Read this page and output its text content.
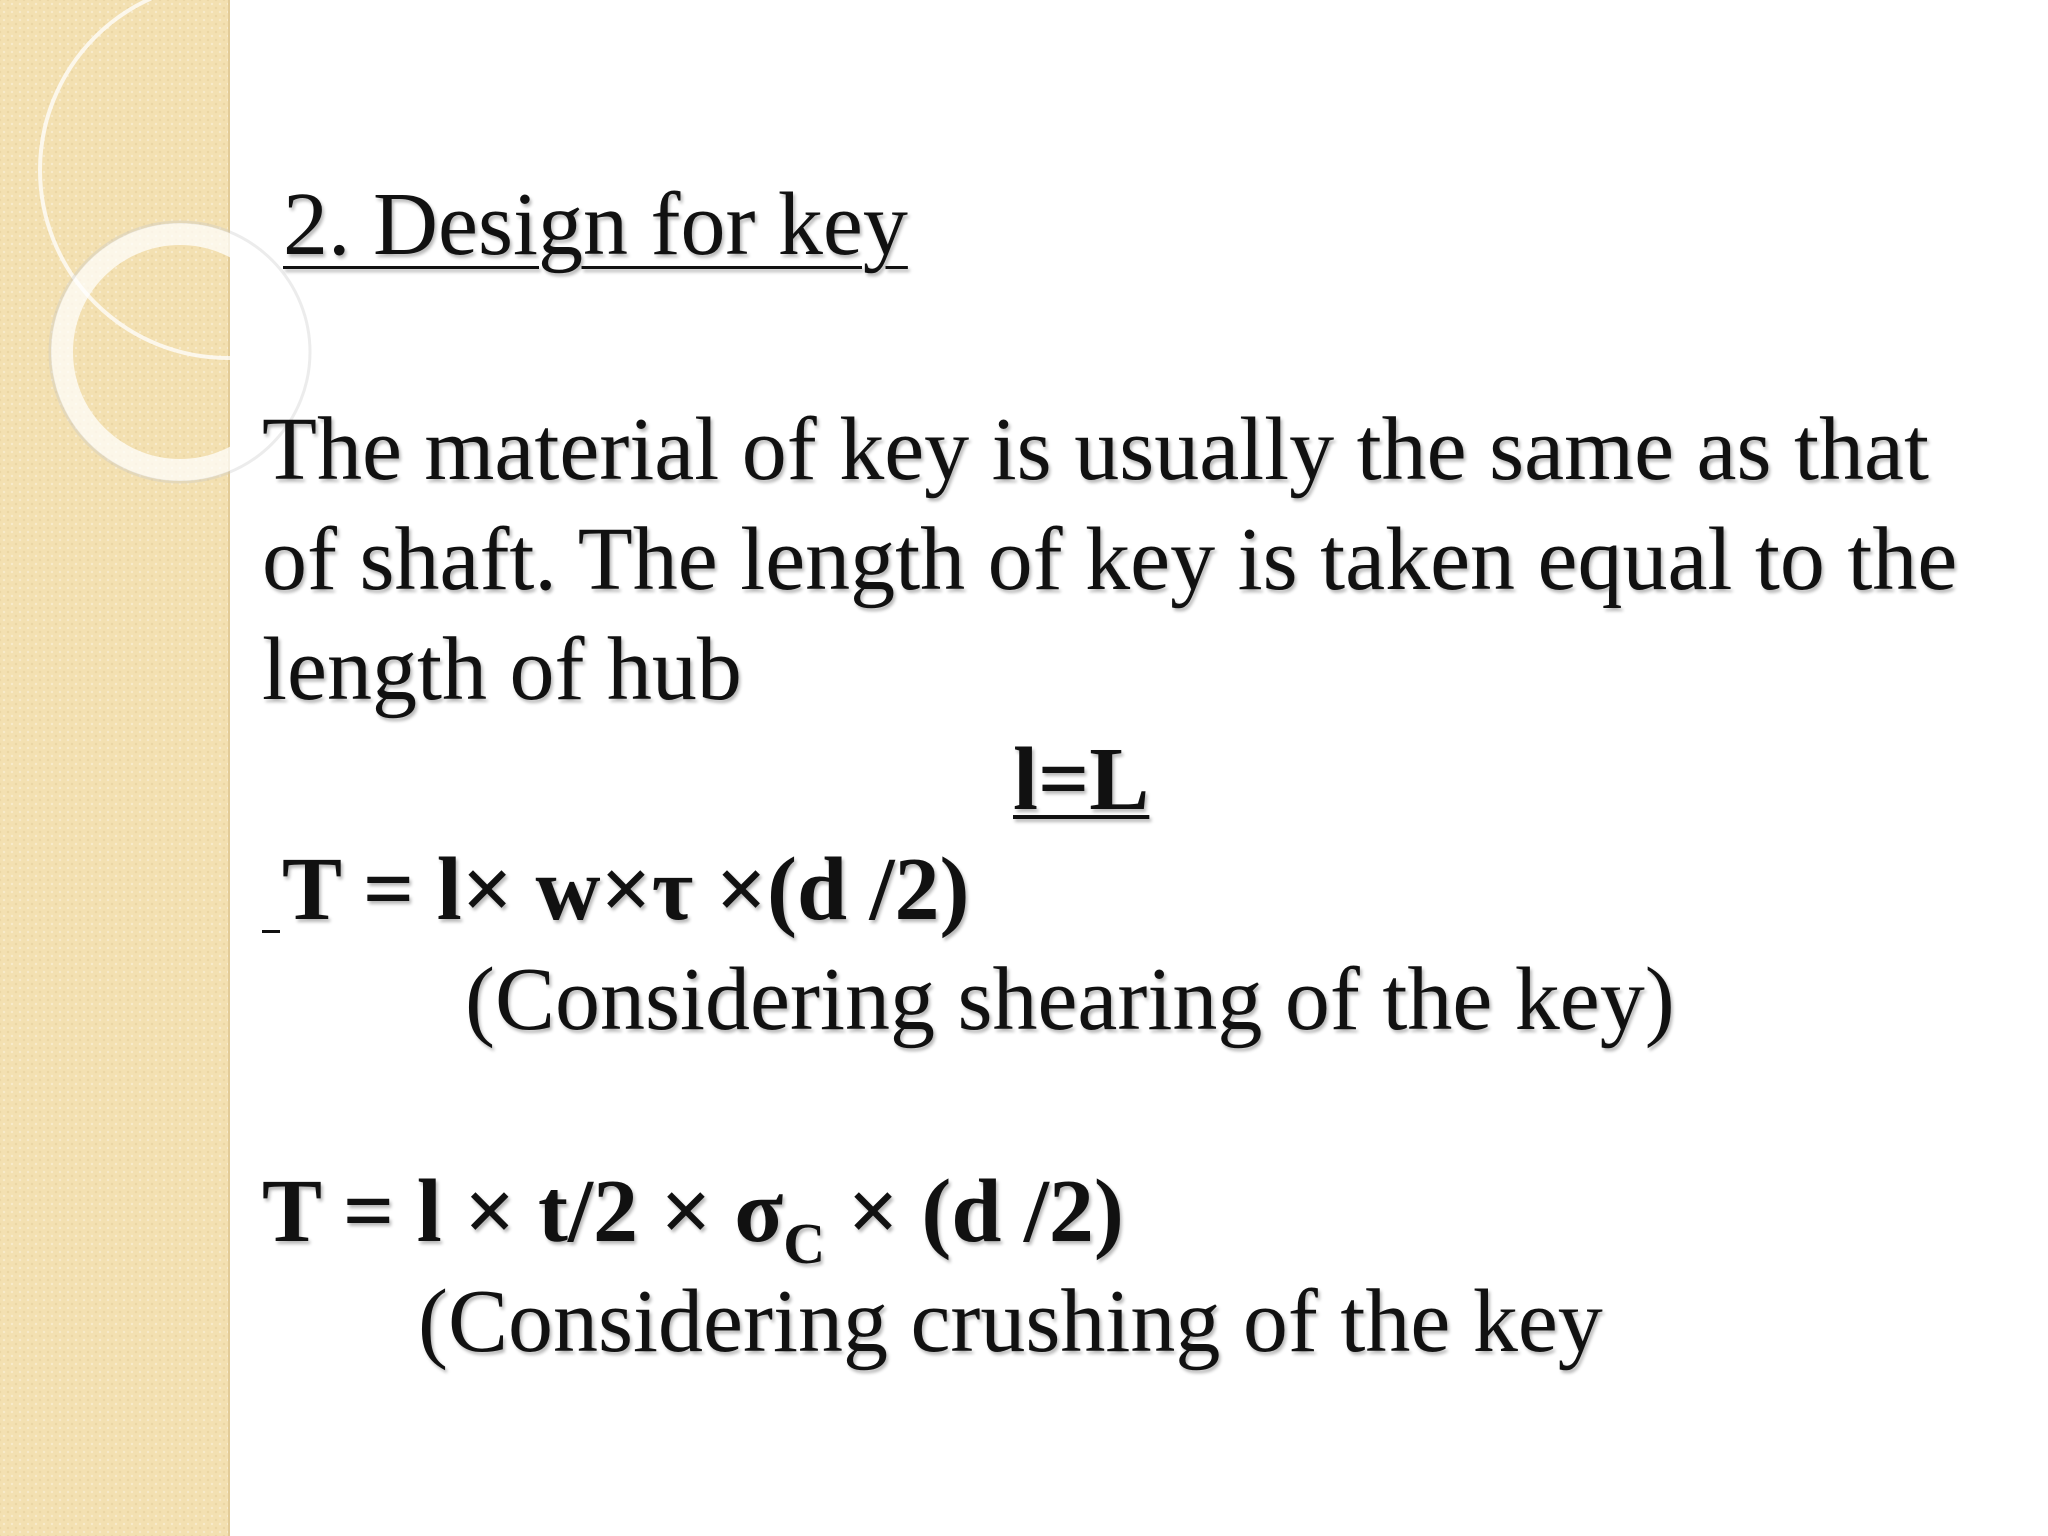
2. Design for key
The material of key is usually the same as that
of shaft. The length of key is taken equal to the
length of hub
l=L
T = l× w×τ ×(d /2)
(Considering shearing of the key)
$T = l \times t/2 \times \sigma_C \times (d$ /2)
(Considering crushing of the key
